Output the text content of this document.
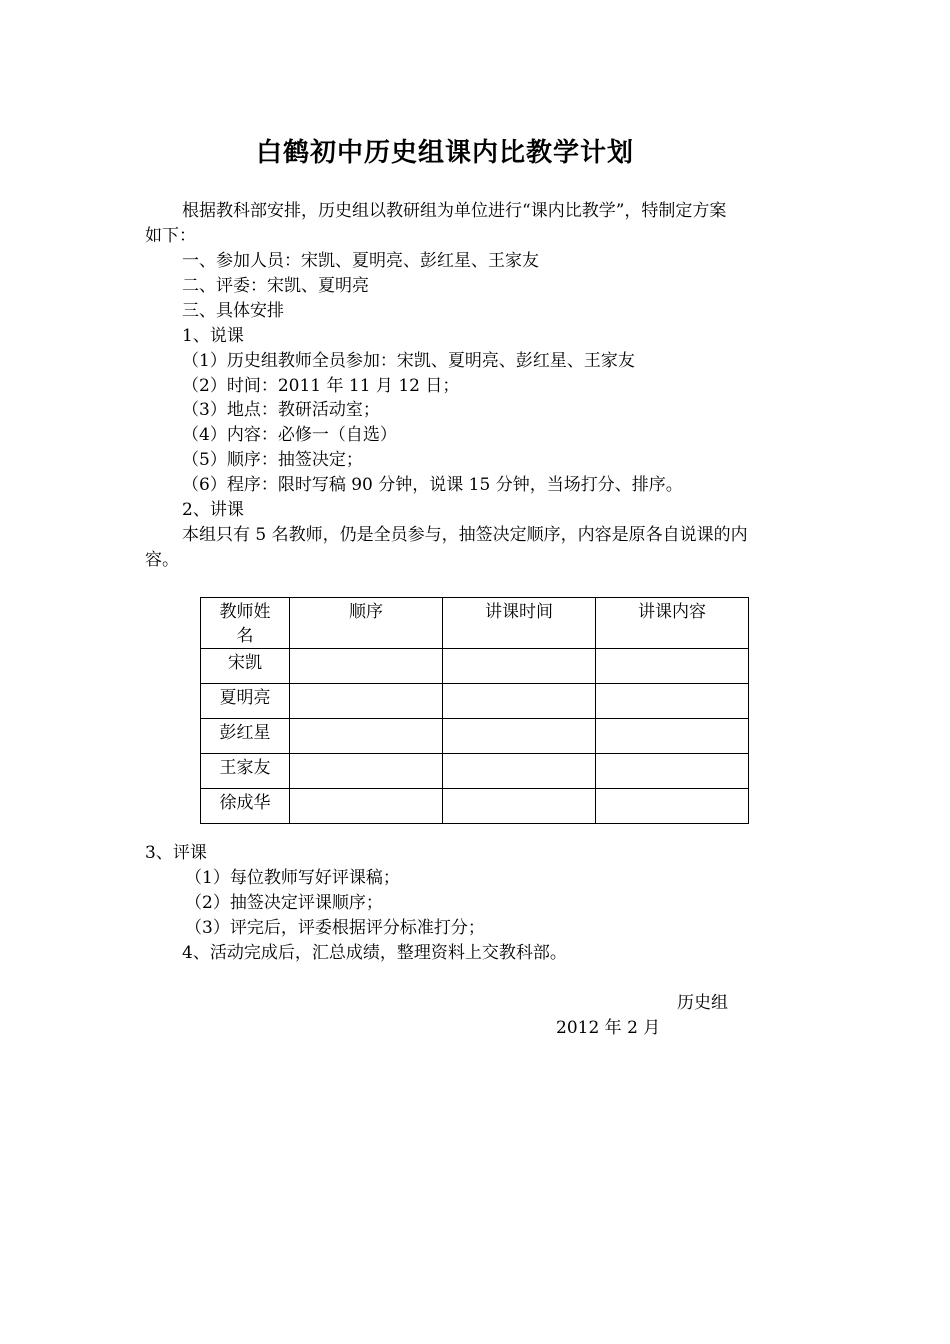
白鹤初中历史组课内比教学计划
根据教科部安排，历史组以教研组为单位进行“课内比教学”，特制定方案
如下：
一、参加人员：宋凯、夏明亮、彭红星、王家友
二、评委：宋凯、夏明亮
三、具体安排
1、说课
（1）历史组教师全员参加：宋凯、夏明亮、彭红星、王家友
（2）时间：2011 年 11 月 12 日；
（3）地点：教研活动室；
（4）内容：必修一（自选）
（5）顺序：抽签决定；
（6）程序：限时写稿 90 分钟，说课 15 分钟，当场打分、排序。
2、讲课
本组只有 5 名教师，仍是全员参与，抽签决定顺序，内容是原各自说课的内
容。
教师姓
名	顺序	讲课时间	讲课内容
宋凯			
夏明亮			
彭红星			
王家友			
徐成华			
3、评课
（1）每位教师写好评课稿；
（2）抽签决定评课顺序；
（3）评完后，评委根据评分标准打分；
4、活动完成后，汇总成绩，整理资料上交教科部。
历史组
2012 年 2 月
